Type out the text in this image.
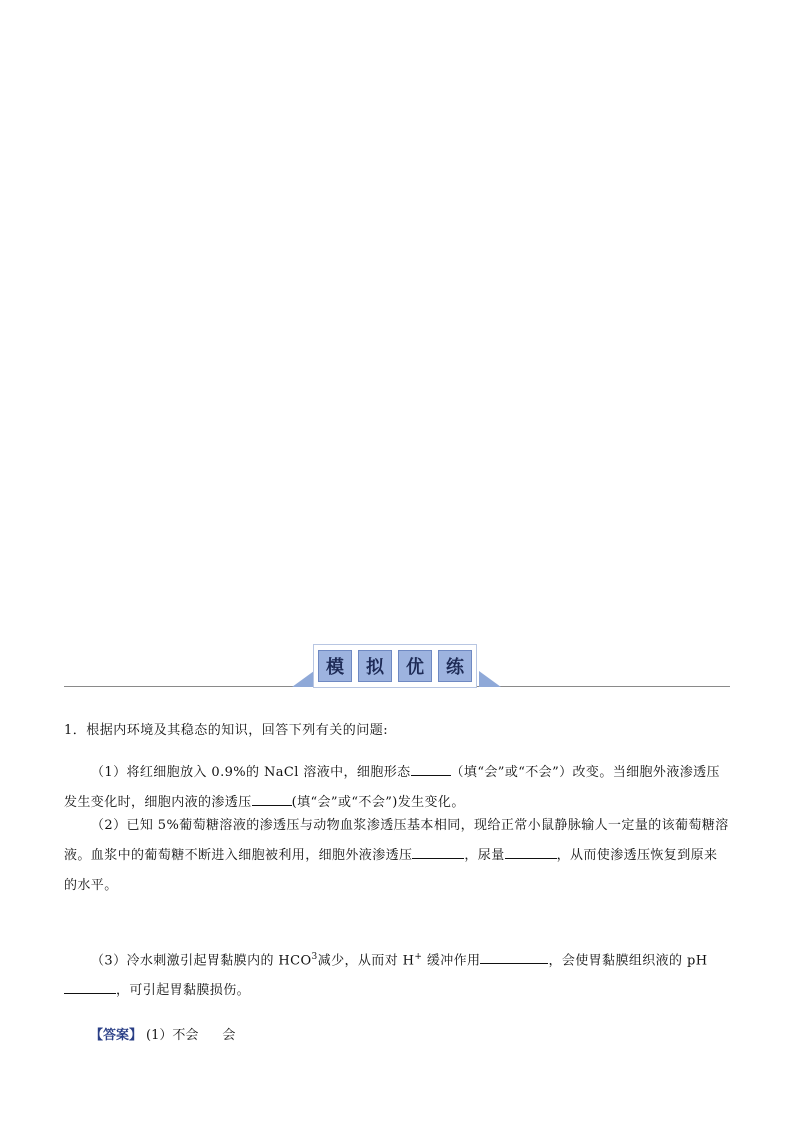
模	拟	优	练
1．根据内环境及其稳态的知识，回答下列有关的问题:
（1）将红细胞放入 0.9%的 NaCl 溶液中，细胞形态	（填“会”或“不会”）改变。当细胞外液渗透压发生变化时，细胞内液的渗透压	(填“会”或“不会”)发生变化。
（2）已知 5%葡萄糖溶液的渗透压与动物血浆渗透压基本相同，现给正常小鼠静脉输人一定量的该葡萄糖溶液。血浆中的葡萄糖不断进入细胞被利用，细胞外液渗透压	，尿量	，从而使渗透压恢复到原来的水平。
（3）冷水刺激引起胃黏膜内的 HCO$^3$减少，从而对 H+ 缓冲作用	，会使胃黏膜组织液的 pH，可引起胃黏膜损伤。
【答案】 (1）不会 会
